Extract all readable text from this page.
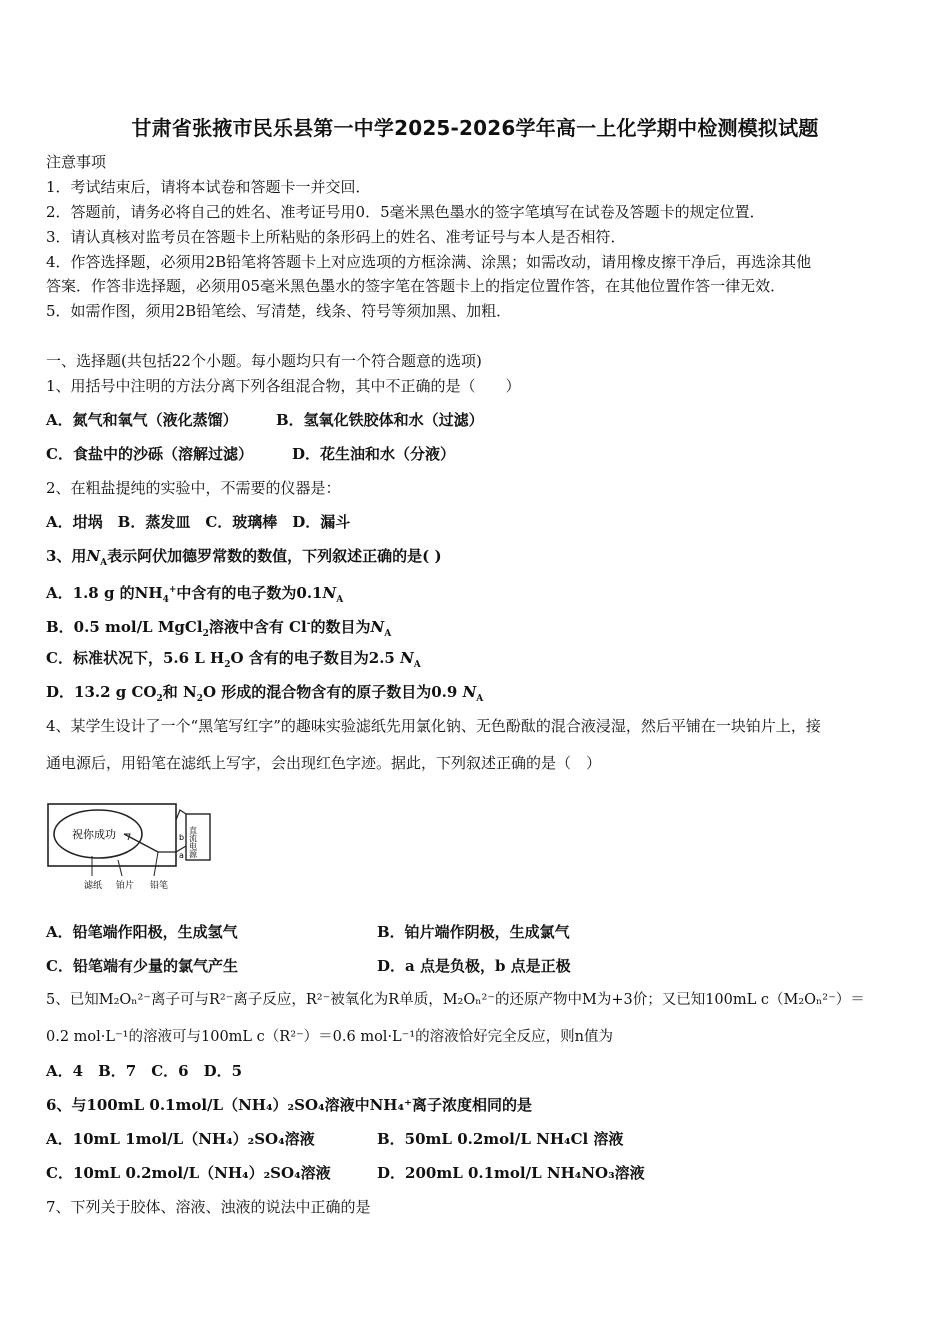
甘肃省张掖市民乐县第一中学2025-2026学年高一上化学期中检测模拟试题
注意事项
1．考试结束后，请将本试卷和答题卡一并交回．
2．答题前，请务必将自己的姓名、准考证号用0．5毫米黑色墨水的签字笔填写在试卷及答题卡的规定位置．
3．请认真核对监考员在答题卡上所粘贴的条形码上的姓名、准考证号与本人是否相符．
4．作答选择题，必须用2B铅笔将答题卡上对应选项的方框涂满、涂黑；如需改动，请用橡皮擦干净后，再选涂其他
答案．作答非选择题，必须用05毫米黑色墨水的签字笔在答题卡上的指定位置作答，在其他位置作答一律无效．
5．如需作图，须用2B铅笔绘、写清楚，线条、符号等须加黑、加粗．
一、选择题(共包括22个小题。每小题均只有一个符合题意的选项)
1、用括号中注明的方法分离下列各组混合物，其中不正确的是（　　）
A．氮气和氧气（液化蒸馏）	B．氢氧化铁胶体和水（过滤）
C．食盐中的沙砾（溶解过滤）	D．花生油和水（分液）
2、在粗盐提纯的实验中，不需要的仪器是：
A．坩埚　B．蒸发皿　C．玻璃棒　D．漏斗
3、用$N_A$表示阿伏加德罗常数的数值，下列叙述正确的是( )
A．1.8 g 的$NH_4^+$中含有的电子数为$0.1N_A$
B．0.5 mol/L MgCl$_2$溶液中含有 Cl-的数目为$N_A$
C．标准状况下，5.6 L $H_2O$ 含有的电子数目为2.5 $N_A$
D．13.2 g $CO_2$和 $N_2O$ 形成的混合物含有的原子数目为0.9 $N_A$
4、某学生设计了一个“黑笔写红字”的趣味实验滤纸先用氯化钠、无色酚酞的混合液浸湿，然后平铺在一块铂片上，接
通电源后，用铅笔在滤纸上写字，会出现红色字迹。据此，下列叙述正确的是（　）
祝你成功	直流电源
b
a
滤纸 铂片 铅笔
A．铅笔端作阳极，生成氢气	B．铂片端作阴极，生成氯气
C．铅笔端有少量的氯气产生	D．a 点是负极，b 点是正极
5、已知M₂Oₙ²⁻离子可与R²⁻离子反应，R²⁻被氧化为R单质，M₂Oₙ²⁻的还原产物中M为+3价；又已知100mL c（M₂Oₙ²⁻）＝
0.2 mol·L⁻¹的溶液可与100mL c（R²⁻）＝0.6 mol·L⁻¹的溶液恰好完全反应，则n值为
A．4　B．7　C．6　D．5
6、与100mL 0.1mol/L（NH₄）₂SO₄溶液中NH₄⁺离子浓度相同的是
A．10mL 1mol/L（NH₄）₂SO₄溶液	B．50mL 0.2mol/L NH₄Cl 溶液
C．10mL 0.2mol/L（NH₄）₂SO₄溶液	D．200mL 0.1mol/L NH₄NO₃溶液
7、下列关于胶体、溶液、浊液的说法中正确的是
